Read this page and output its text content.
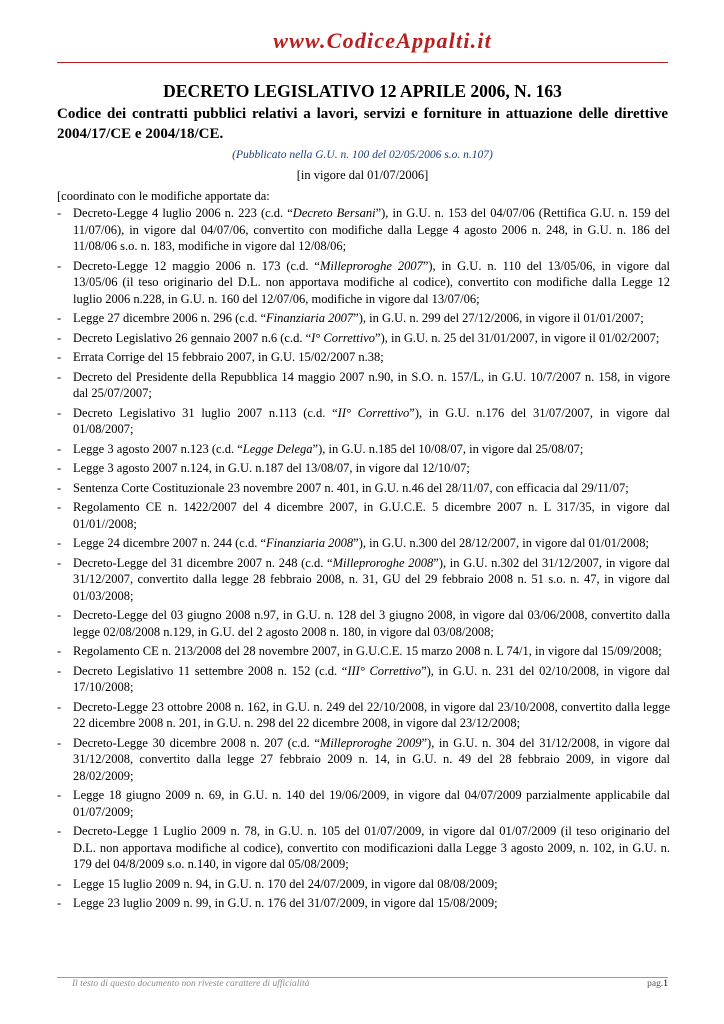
www.CodiceAppalti.it
DECRETO LEGISLATIVO 12 APRILE 2006, N. 163
Codice dei contratti pubblici relativi a lavori, servizi e forniture in attuazione delle direttive 2004/17/CE e 2004/18/CE.
(Pubblicato nella G.U. n. 100 del 02/05/2006 s.o. n.107)
[in vigore dal 01/07/2006]
[coordinato con le modifiche apportate da:
- Decreto-Legge 4 luglio 2006 n. 223 (c.d. “Decreto Bersani”), in G.U. n. 153 del 04/07/06 (Rettifica G.U. n. 159 del 11/07/06), in vigore dal 04/07/06, convertito con modifiche dalla Legge 4 agosto 2006 n. 248, in G.U. n. 186 del 11/08/06 s.o. n. 183, modifiche in vigore dal 12/08/06;
- Decreto-Legge 12 maggio 2006 n. 173 (c.d. “Milleproroghe 2007”), in G.U. n. 110 del 13/05/06, in vigore dal 13/05/06 (il teso originario del D.L. non apportava modifiche al codice), convertito con modifiche dalla Legge 12 luglio 2006 n.228, in G.U. n. 160 del 12/07/06, modifiche in vigore dal 13/07/06;
- Legge 27 dicembre 2006 n. 296 (c.d. “Finanziaria 2007”), in G.U. n. 299 del 27/12/2006, in vigore il 01/01/2007;
- Decreto Legislativo 26 gennaio 2007 n.6 (c.d. “I° Correttivo”), in G.U. n. 25 del 31/01/2007, in vigore il 01/02/2007;
- Errata Corrige del 15 febbraio 2007, in G.U. 15/02/2007 n.38;
- Decreto del Presidente della Repubblica 14 maggio 2007 n.90, in S.O. n. 157/L, in G.U. 10/7/2007 n. 158, in vigore dal 25/07/2007;
- Decreto Legislativo 31 luglio 2007 n.113 (c.d. “II° Correttivo”), in G.U. n.176 del 31/07/2007, in vigore dal 01/08/2007;
- Legge 3 agosto 2007 n.123 (c.d. “Legge Delega”), in G.U. n.185 del 10/08/07, in vigore dal 25/08/07;
- Legge 3 agosto 2007 n.124, in G.U. n.187 del 13/08/07, in vigore dal 12/10/07;
- Sentenza Corte Costituzionale 23 novembre 2007 n. 401, in G.U. n.46 del 28/11/07, con efficacia dal 29/11/07;
- Regolamento CE n. 1422/2007 del 4 dicembre 2007, in G.U.C.E. 5 dicembre 2007 n. L 317/35, in vigore dal 01/01//2008;
- Legge 24 dicembre 2007 n. 244 (c.d. “Finanziaria 2008”), in G.U. n.300 del 28/12/2007, in vigore dal 01/01/2008;
- Decreto-Legge del 31 dicembre 2007 n. 248 (c.d. “Milleproroghe 2008”), in G.U. n.302 del 31/12/2007, in vigore dal 31/12/2007, convertito dalla legge 28 febbraio 2008, n. 31, GU del 29 febbraio 2008 n. 51 s.o. n. 47, in vigore dal 01/03/2008;
- Decreto-Legge del 03 giugno 2008 n.97, in G.U. n. 128 del 3 giugno 2008, in vigore dal 03/06/2008, convertito dalla legge 02/08/2008 n.129, in G.U. del 2 agosto 2008 n. 180, in vigore dal 03/08/2008;
- Regolamento CE n. 213/2008 del 28 novembre 2007, in G.U.C.E. 15 marzo 2008 n. L 74/1, in vigore dal 15/09/2008;
- Decreto Legislativo 11 settembre 2008 n. 152 (c.d. “III° Correttivo”), in G.U. n. 231 del 02/10/2008, in vigore dal 17/10/2008;
- Decreto-Legge 23 ottobre 2008 n. 162, in G.U. n. 249 del 22/10/2008, in vigore dal 23/10/2008, convertito dalla legge 22 dicembre 2008 n. 201, in G.U. n. 298 del 22 dicembre 2008, in vigore dal 23/12/2008;
- Decreto-Legge 30 dicembre 2008 n. 207 (c.d. “Milleproroghe 2009”), in G.U. n. 304 del 31/12/2008, in vigore dal 31/12/2008, convertito dalla legge 27 febbraio 2009 n. 14, in G.U. n. 49 del 28 febbraio 2009, in vigore dal 28/02/2009;
- Legge 18 giugno 2009 n. 69, in G.U. n. 140 del 19/06/2009, in vigore dal 04/07/2009 parzialmente applicabile dal 01/07/2009;
- Decreto-Legge 1 Luglio 2009 n. 78, in G.U. n. 105 del 01/07/2009, in vigore dal 01/07/2009 (il teso originario del D.L. non apportava modifiche al codice), convertito con modificazioni dalla Legge 3 agosto 2009, n. 102, in G.U. n. 179 del 04/8/2009 s.o. n.140, in vigore dal 05/08/2009;
- Legge 15 luglio 2009 n. 94, in G.U. n. 170 del 24/07/2009, in vigore dal 08/08/2009;
- Legge 23 luglio 2009 n. 99, in G.U. n. 176 del 31/07/2009, in vigore dal 15/08/2009;
Il testo di questo documento non riveste carattere di ufficialità	pag.1
